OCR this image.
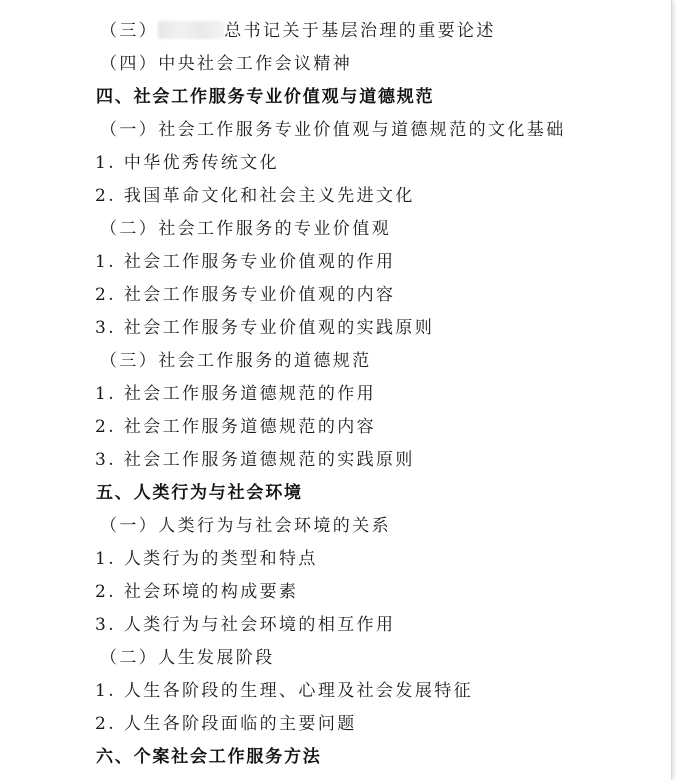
（三）	总书记关于基层治理的重要论述
（四）中央社会工作会议精神
四、社会工作服务专业价值观与道德规范
（一）社会工作服务专业价值观与道德规范的文化基础
1. 中华优秀传统文化
2. 我国革命文化和社会主义先进文化
（二）社会工作服务的专业价值观
1. 社会工作服务专业价值观的作用
2. 社会工作服务专业价值观的内容
3. 社会工作服务专业价值观的实践原则
（三）社会工作服务的道德规范
1. 社会工作服务道德规范的作用
2. 社会工作服务道德规范的内容
3. 社会工作服务道德规范的实践原则
五、人类行为与社会环境
（一）人类行为与社会环境的关系
1. 人类行为的类型和特点
2. 社会环境的构成要素
3. 人类行为与社会环境的相互作用
（二）人生发展阶段
1. 人生各阶段的生理、心理及社会发展特征
2. 人生各阶段面临的主要问题
六、个案社会工作服务方法
